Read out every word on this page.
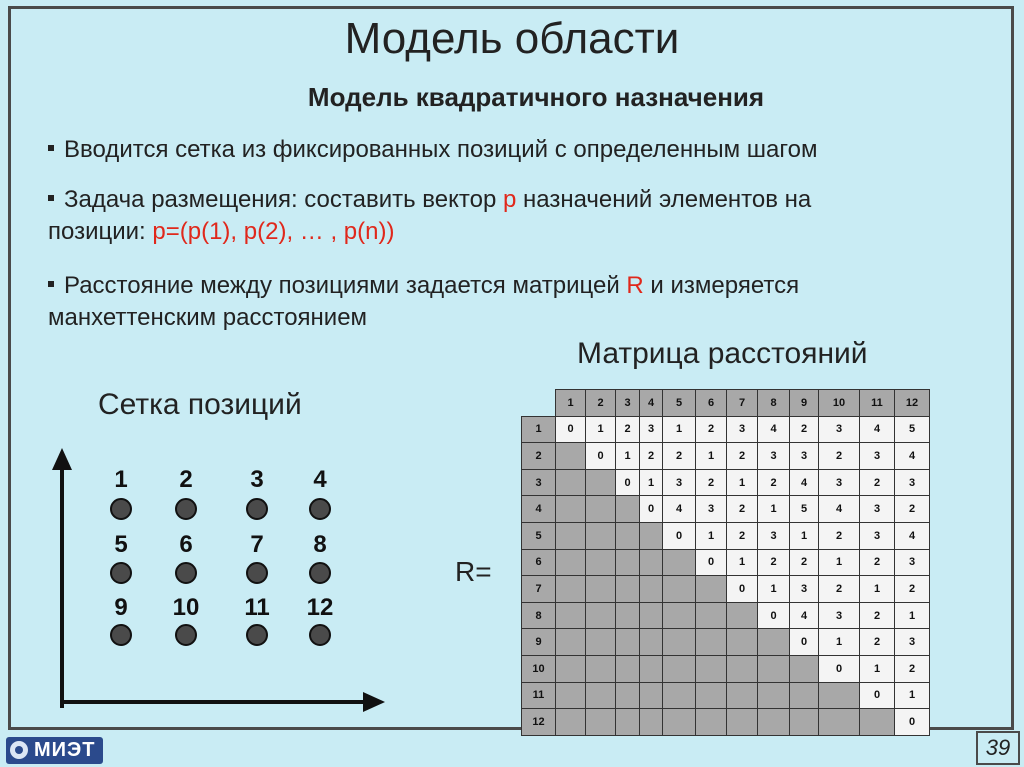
Модель области
Модель квадратичного назначения
Вводится сетка из фиксированных позиций с определенным шагом
Задача размещения: составить вектор p назначений элементов на
позиции: p=(p(1), p(2), … , p(n))
Расстояние между позициями задается матрицей R и измеряется
манхеттенским расстоянием
Матрица расстояний
Сетка позиций
1	2	3	4
5	6	7	8
9	10	11	12
R=
	1	2	3	4	5	6	7	8	9	10	11	12
1	0	1	2	3	1	2	3	4	2	3	4	5
2		0	1	2	2	1	2	3	3	2	3	4
3			0	1	3	2	1	2	4	3	2	3
4				0	4	3	2	1	5	4	3	2
5					0	1	2	3	1	2	3	4
6						0	1	2	2	1	2	3
7							0	1	3	2	1	2
8								0	4	3	2	1
9									0	1	2	3
10										0	1	2
11											0	1
12												0
МИЭТ	39
